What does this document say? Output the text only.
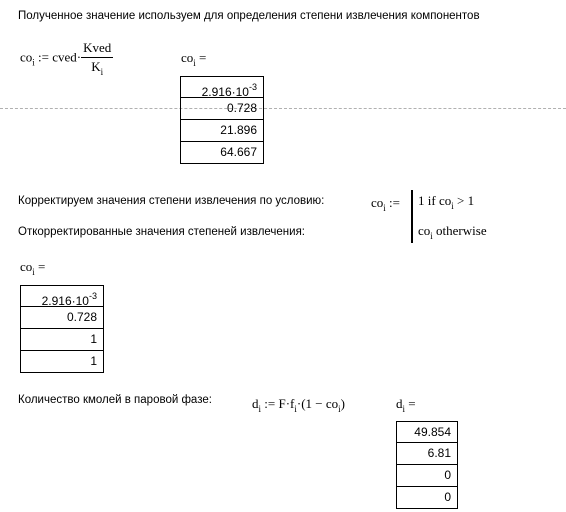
Полученное значение используем для определения степени извлечения компонентов
$co_i$ := cved· $\frac{\text{Kved}}{K_i}$	$co_i$ =
$2.916\cdot 10^{-3}$
0.728
21.896
64.667
Корректируем значения степени извлечения по условию:
Откорректированные значения степеней извлечения:
$co_i$ := 1 if $co_i > 1$
$co_i$ otherwise
$co_i$ =
$2.916\cdot 10^{-3}$
0.728
1
1
Количество кмолей в паровой фазе:	$d_i$ := $F\cdot f_i\cdot(1 - co_i)$	$d_i$ =
49.854
6.81
0
0
